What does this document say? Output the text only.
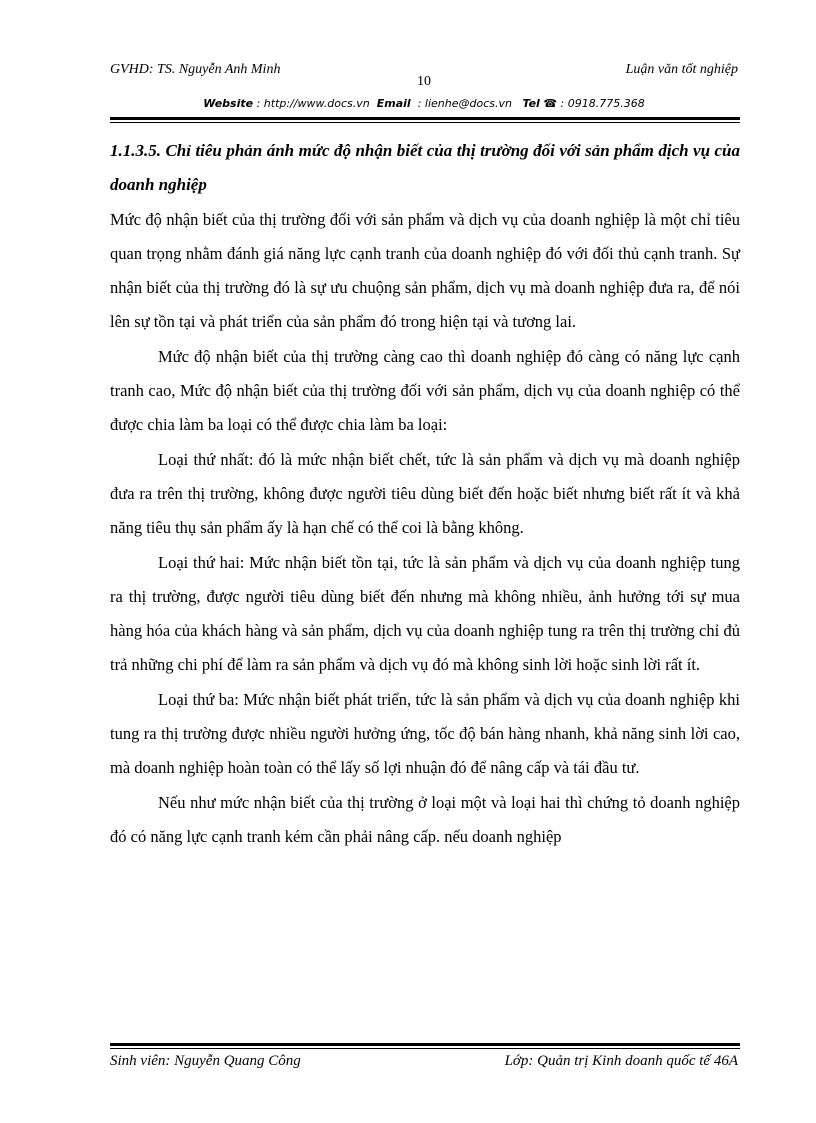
GVHD: TS. Nguyễn Anh Minh	Luận văn tốt nghiệp
10
Website : http://www.docs.vn Email : lienhe@docs.vn Tel ☎ : 0918.775.368

1.1.3.5. Chỉ tiêu phản ánh mức độ nhận biết của thị trường đối với sản phẩm dịch vụ của doanh nghiệp

Mức độ nhận biết của thị trường đối với sản phẩm và dịch vụ của doanh nghiệp là một chỉ tiêu quan trọng nhằm đánh giá năng lực cạnh tranh của doanh nghiệp đó với đối thủ cạnh tranh. Sự nhận biết của thị trường đó là sự ưu chuộng sản phẩm, dịch vụ mà doanh nghiệp đưa ra, để nói lên sự tồn tại và phát triển của sản phẩm đó trong hiện tại và tương lai.

Mức độ nhận biết của thị trường càng cao thì doanh nghiệp đó càng có năng lực cạnh tranh cao, Mức độ nhận biết của thị trường đối với sản phẩm, dịch vụ của doanh nghiệp có thể được chia làm ba loại có thể được chia làm ba loại:

Loại thứ nhất: đó là mức nhận biết chết, tức là sản phẩm và dịch vụ mà doanh nghiệp đưa ra trên thị trường, không được người tiêu dùng biết đến hoặc biết nhưng biết rất ít và khả năng tiêu thụ sản phẩm ấy là hạn chế có thể coi là bằng không.

Loại thứ hai: Mức nhận biết tồn tại, tức là sản phẩm và dịch vụ của doanh nghiệp tung ra thị trường, được người tiêu dùng biết đến nhưng mà không nhiều, ảnh hưởng tới sự mua hàng hóa của khách hàng và sản phẩm, dịch vụ của doanh nghiệp tung ra trên thị trường chỉ đủ trả những chi phí để làm ra sản phẩm và dịch vụ đó mà không sinh lời hoặc sinh lời rất ít.

Loại thứ ba: Mức nhận biết phát triển, tức là sản phẩm và dịch vụ của doanh nghiệp khi tung ra thị trường được nhiều người hưởng ứng, tốc độ bán hàng nhanh, khả năng sinh lời cao, mà doanh nghiệp hoàn toàn có thể lấy số lợi nhuận đó để nâng cấp và tái đầu tư.

Nếu như mức nhận biết của thị trường ở loại một và loại hai thì chứng tỏ doanh nghiệp đó có năng lực cạnh tranh kém cần phải nâng cấp. nếu doanh nghiệp

Sinh viên: Nguyễn Quang Công	Lớp: Quản trị Kinh doanh quốc tế 46A
